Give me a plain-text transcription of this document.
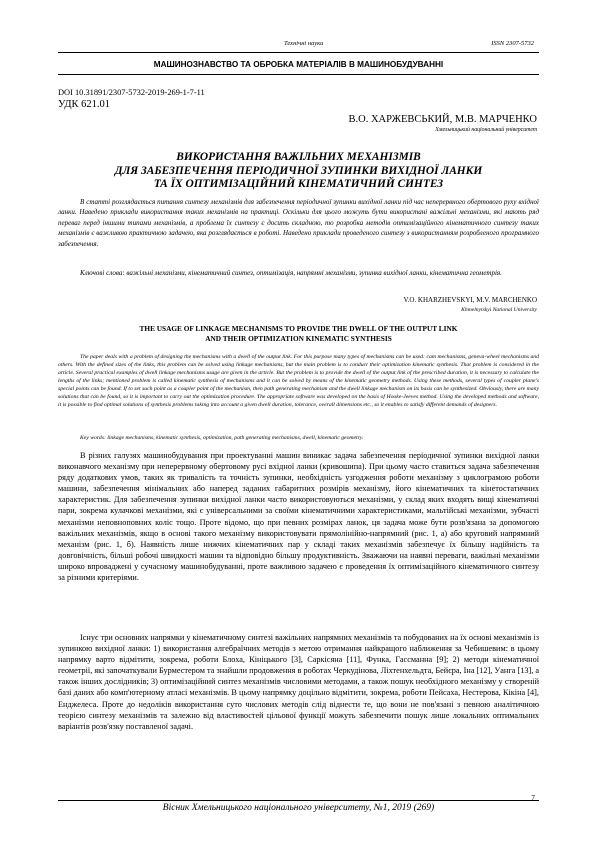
Технічні науки	ISSN 2307-5732
МАШИНОЗНАВСТВО ТА ОБРОБКА МАТЕРІАЛІВ В МАШИНОБУДУВАННІ
DOI 10.31891/2307-5732-2019-269-1-7-11
УДК 621.01
В.О. ХАРЖЕВСЬКИЙ, М.В. МАРЧЕНКО
Хмельницький національний університет
ВИКОРИСТАННЯ ВАЖІЛЬНИХ МЕХАНІЗМІВ
ДЛЯ ЗАБЕЗПЕЧЕННЯ ПЕРІОДИЧНОЇ ЗУПИНКИ ВИХІДНОЇ ЛАНКИ
ТА ЇХ ОПТИМІЗАЦІЙНИЙ КІНЕМАТИЧНИЙ СИНТЕЗ
В статті розглядається питання синтезу механізмів для забезпечення періодичної зупинки вихідної ланки під час неперервного обертового руху вхідної ланки. Наведено приклади використання таких механізмів на практиці. Оскільки для цього можуть бути використані важільні механізми, які мають ряд переваг перед іншими типами механізмів, а проблема їх синтезу є досить складною, то розробка методів оптимізаційного кінематичного синтезу таких механізмів є важливою практичною задачею, яка розглядається в роботі. Наведено приклади проведеного синтезу з використанням розробленого програмного забезпечення.
Ключові слова: важільні механізми, кінематичний синтез, оптимізація, напрямні механізми, зупинка вихідної ланки, кінематична геометрія.
V.O. KHARZHEVSKYI, M.V. MARCHENKO
Khmelnytskyi National University
THE USAGE OF LINKAGE MECHANISMS TO PROVIDE THE DWELL OF THE OUTPUT LINK
AND THEIR OPTIMIZATION KINEMATIC SYNTHESIS
The paper deals with a problem of designing the mechanisms with a dwell of the output link. For this purpose many types of mechanisms can be used: cam mechanisms, geneva-wheel mechanisms and others. With the defined sizes of the links, this problem can be solved using linkage mechanisms, but the main problem is to conduct their optimization kinematic synthesis. That problem is considered in the article. Several practical examples of dwell linkage mechanisms usage are given in the article. But the problem is to provide the dwell of the output link of the prescribed duration, it is necessary to calculate the lengths of the links; mentioned problem is called kinematic synthesis of mechanisms and it can be solved by means of the kinematic geometry methods. Using these methods, several types of coupler plane's special points can be found. If to set such point as a coupler point of the mechanism, then path generating mechanism and the dwell linkage mechanism on its basis can be synthesized. Obviously, there are many solutions that can be found, so it is important to carry out the optimization procedure. The appropriate software was developed on the basis of Hooke-Jeeves method. Using the developed methods and software, it is possible to find optimal solutions of synthesis problems taking into account a given dwell duration, tolerance, overall dimensions etc., so it enables to satisfy different demands of designers.
Key words: linkage mechanisms, kinematic synthesis, optimization, path generating mechanisms, dwell, kinematic geometry.
В різних галузях машинобудування при проектуванні машин виникає задача забезпечення періодичної зупинки вихідної ланки виконавчого механізму при неперервному обертовому русі вхідної ланки (кривошипа). При цьому часто ставиться задача забезпечення ряду додаткових умов, таких як тривалість та точність зупинки, необхідність узгодження роботи механізму з циклограмою роботи машини, забезпечення мінімальних або наперед заданих габаритних розмірів механізму, його кінематичних та кінетостатичних характеристик. Для забезпечення зупинки вихідної ланки часто використовуються механізми, у склад яких входять вищі кінематичні пари, зокрема кулачкові механізми, які є універсальними за своїми кінематичними характеристиками, мальтійські механізми, зубчасті механізми неповноповних коліс тощо. Проте відомо, що при певних розмірах ланок, ця задача може бути розв'язана за допомогою важільних механізмів, якщо в основі такого механізму використовувати прямолінійно-напрямний (рис. 1, а) або круговий напрямний механізм (рис. 1, б). Наявність лише нижчих кінематичних пар у складі таких механізмів забезпечує їх більшу надійність та довговічність, більші робочі швидкості машин та відповідно більшу продуктивність. Зважаючи на наявні переваги, важільні механізми широко впроваджені у сучасному машинобудуванні, проте важливою задачею є проведення їх оптимізаційного кінематичного синтезу за різними критеріями.
Існує три основних напрямки у кінематичному синтезі важільних напрямних механізмів та побудованих на їх основі механізмів із зупинкою вихідної ланки: 1) використання алгебраїчних методів з метою отримання найкращого наближення за Чебишевим: в цьому напрямку варто відмітити, зокрема, роботи Блоха, Кініцького [3], Саркісяна [11], Функа, Гассманна [9]; 2) методи кінематичної геометрії, які започаткували Бурместером та знайшли продовження в роботах Черкудінова, Ліхтенхельдта, Бейєра, Іна [12], Уанга [13], а також інших дослідників; 3) оптимізаційний синтез механізмів числовими методами, а також пошук необхідного механізму у створеній базі даних або комп'ютерному атласі механізмів. В цьому напрямку доцільно відмітити, зокрема, роботи Пейсаха, Нестерова, Кікіна [4], Енджелеса. Проте до недоліків використання суто числових методів слід віднести те, що вони не пов'язані з певною аналітичною теорією синтезу механізмів та залежно від властивостей цільової функції можуть забезпечити пошук лише локальних оптимальних варіантів розв'язку поставленої задачі.
7
Вісник Хмельницького національного університету, №1, 2019 (269)
